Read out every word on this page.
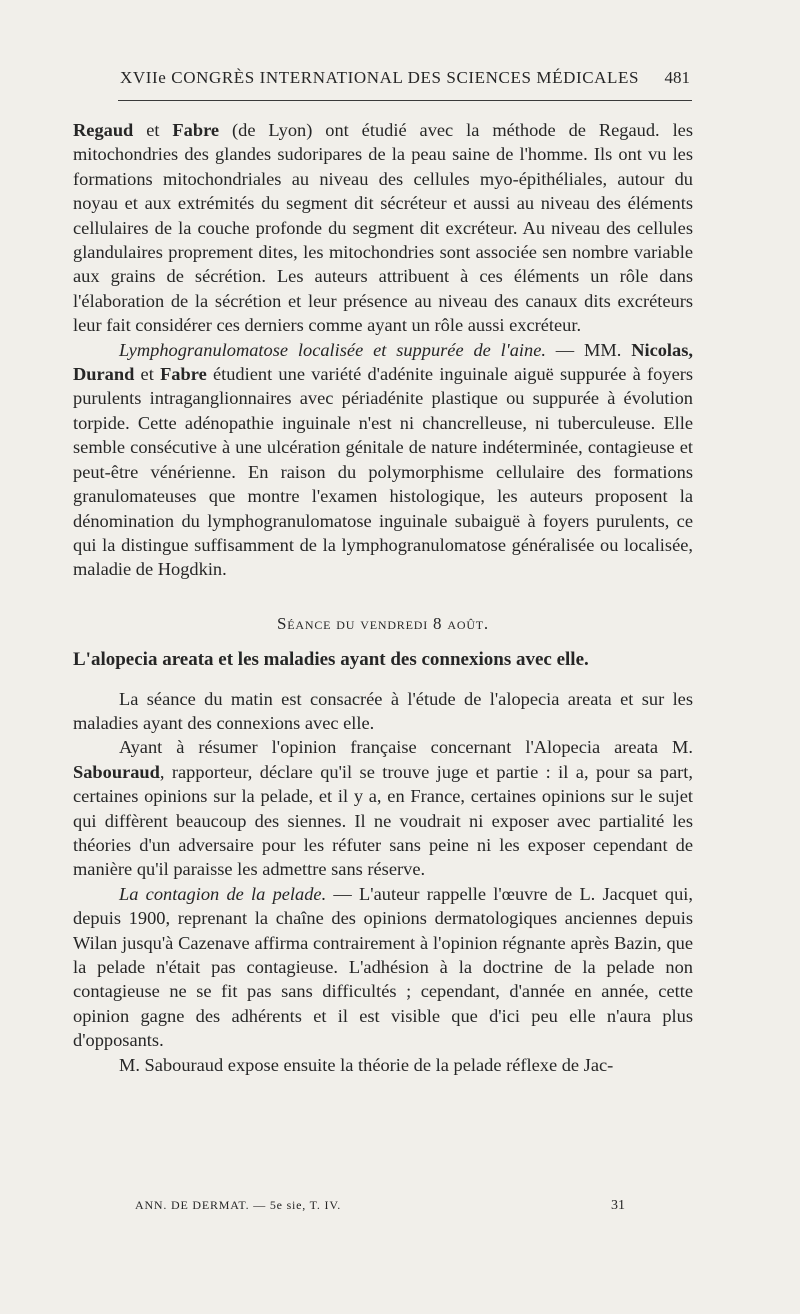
XVIIe CONGRÈS INTERNATIONAL DES SCIENCES MÉDICALES 481

Regaud et Fabre (de Lyon) ont étudié avec la méthode de Regaud. les mitochondries des glandes sudoripares de la peau saine de l'homme. Ils ont vu les formations mitochondriales au niveau des cellules myo-épithéliales, autour du noyau et aux extrémités du segment dit sécréteur et aussi au niveau des éléments cellulaires de la couche profonde du segment dit excréteur. Au niveau des cellules glandulaires proprement dites, les mitochondries sont associée sen nombre variable aux grains de sécrétion. Les auteurs attribuent à ces éléments un rôle dans l'élaboration de la sécrétion et leur présence au niveau des canaux dits excréteurs leur fait considérer ces derniers comme ayant un rôle aussi excréteur.

Lymphogranulomatose localisée et suppurée de l'aine. — MM. Nicolas, Durand et Fabre étudient une variété d'adénite inguinale aiguë suppurée à foyers purulents intraganglionnaires avec périadénite plastique ou suppurée à évolution torpide. Cette adénopathie inguinale n'est ni chancrelleuse, ni tuberculeuse. Elle semble consécutive à une ulcération génitale de nature indéterminée, contagieuse et peut-être vénérienne. En raison du polymorphisme cellulaire des formations granulomateuses que montre l'examen histologique, les auteurs proposent la dénomination du lymphogranulomatose inguinale subaiguë à foyers purulents, ce qui la distingue suffisamment de la lymphogranulomatose généralisée ou localisée, maladie de Hogdkin.

Séance du vendredi 8 août.

L'alopecia areata et les maladies ayant des connexions avec elle.

La séance du matin est consacrée à l'étude de l'alopecia areata et sur les maladies ayant des connexions avec elle.

Ayant à résumer l'opinion française concernant l'Alopecia areata M. Sabouraud, rapporteur, déclare qu'il se trouve juge et partie : il a, pour sa part, certaines opinions sur la pelade, et il y a, en France, certaines opinions sur le sujet qui diffèrent beaucoup des siennes. Il ne voudrait ni exposer avec partialité les théories d'un adversaire pour les réfuter sans peine ni les exposer cependant de manière qu'il paraisse les admettre sans réserve.

La contagion de la pelade. — L'auteur rappelle l'œuvre de L. Jacquet qui, depuis 1900, reprenant la chaîne des opinions dermatologiques anciennes depuis Wilan jusqu'à Cazenave affirma contrairement à l'opinion régnante après Bazin, que la pelade n'était pas contagieuse. L'adhésion à la doctrine de la pelade non contagieuse ne se fit pas sans difficultés ; cependant, d'année en année, cette opinion gagne des adhérents et il est visible que d'ici peu elle n'aura plus d'opposants.

M. Sabouraud expose ensuite la théorie de la pelade réflexe de Jac-

ANN. DE DERMAT. — 5e sie, T. IV.	31
